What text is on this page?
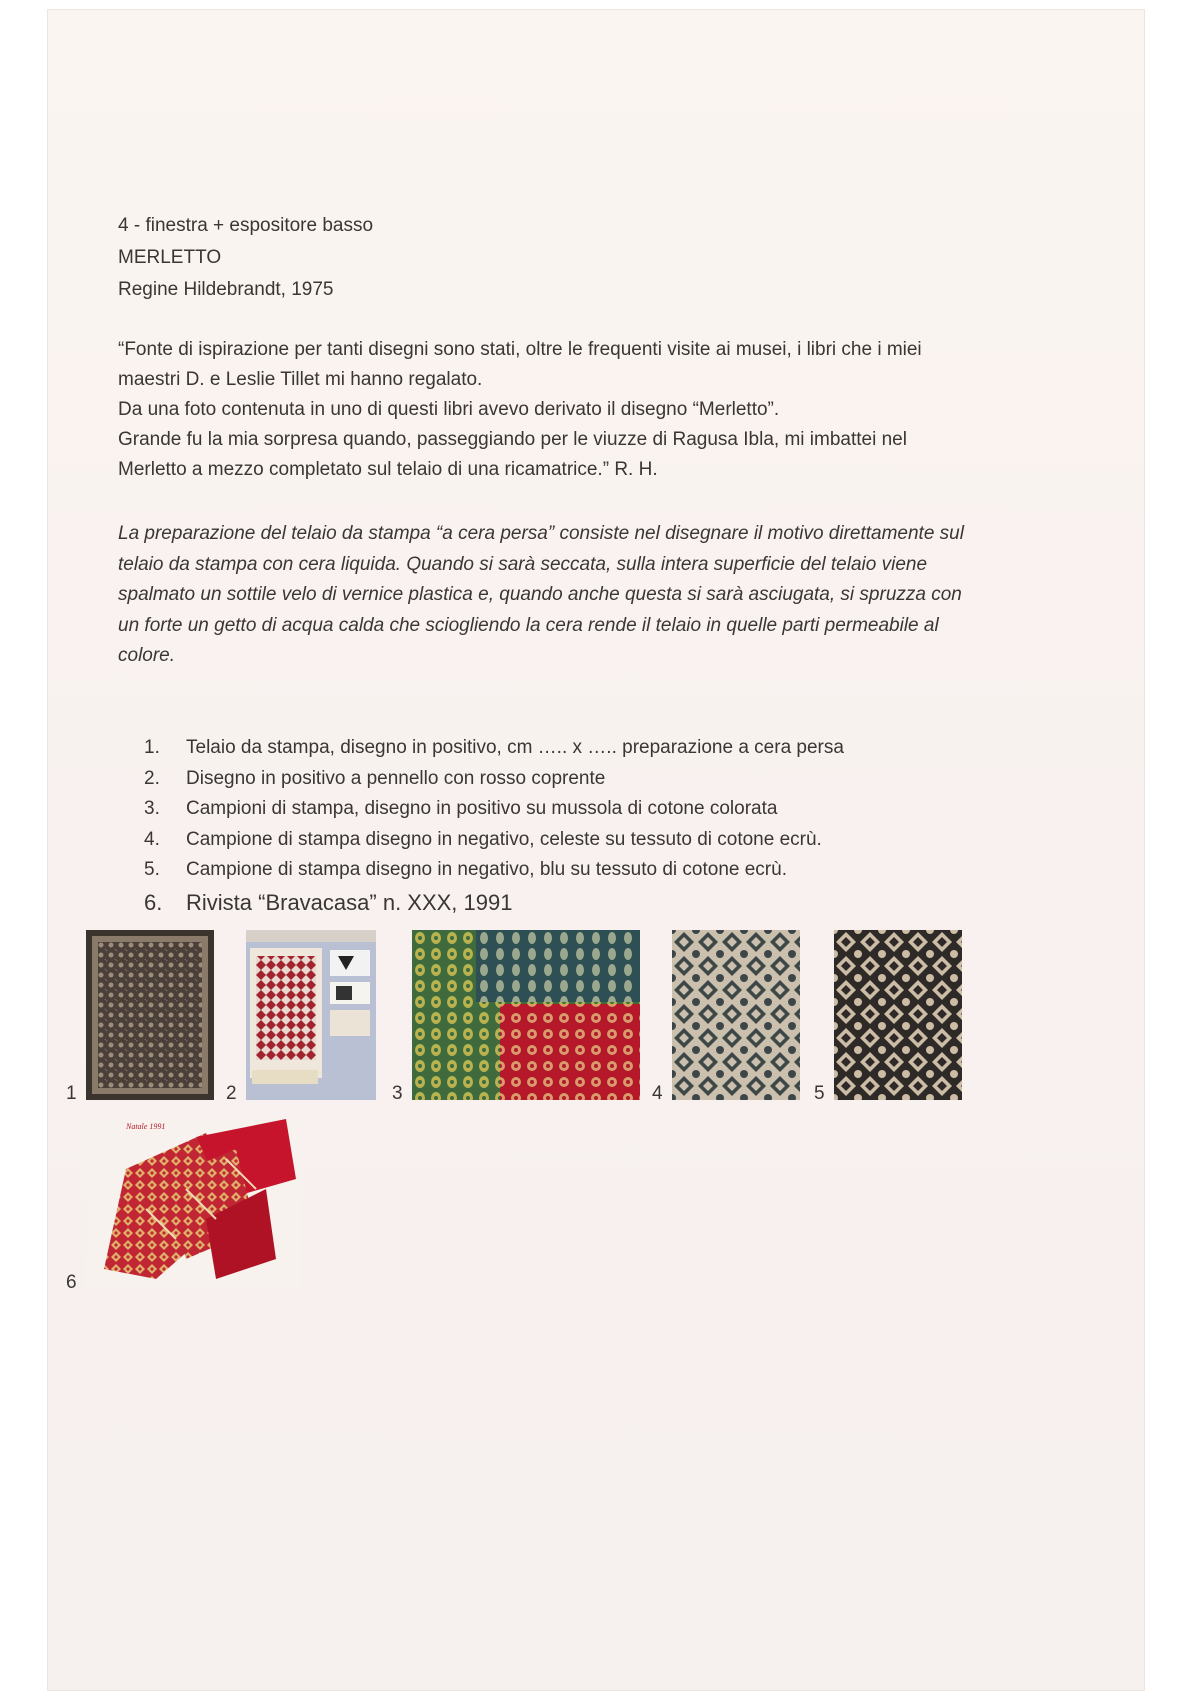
4 - finestra + espositore basso
MERLETTO
Regine Hildebrandt, 1975
“Fonte di ispirazione per tanti disegni sono stati, oltre le frequenti visite ai musei, i libri che i miei
maestri D. e Leslie Tillet mi hanno regalato.
Da una foto contenuta in uno di questi libri avevo derivato il disegno “Merletto”.
Grande fu la mia sorpresa quando, passeggiando per le viuzze di Ragusa Ibla, mi imbattei nel
Merletto a mezzo completato sul telaio di una ricamatrice.” R. H.
La preparazione del telaio da stampa “a cera persa” consiste nel disegnare il motivo direttamente sul
telaio da stampa con cera liquida. Quando si sarà seccata, sulla intera superficie del telaio viene
spalmato un sottile velo di vernice plastica e, quando anche questa si sarà asciugata, si spruzza con
un forte un getto di acqua calda che sciogliendo la cera rende il telaio in quelle parti permeabile al
colore.
1.	Telaio da stampa, disegno in positivo, cm ….. x ….. preparazione a cera persa
2.	Disegno in positivo a pennello con rosso coprente
3.	Campioni di stampa, disegno in positivo su mussola di cotone colorata
4.	Campione di stampa disegno in negativo, celeste su tessuto di cotone ecrù.
5.	Campione di stampa disegno in negativo, blu su tessuto di cotone ecrù.
6.	Rivista “Bravacasa” n. XXX, 1991
1	2	3	4	5
Natale 1991
6
